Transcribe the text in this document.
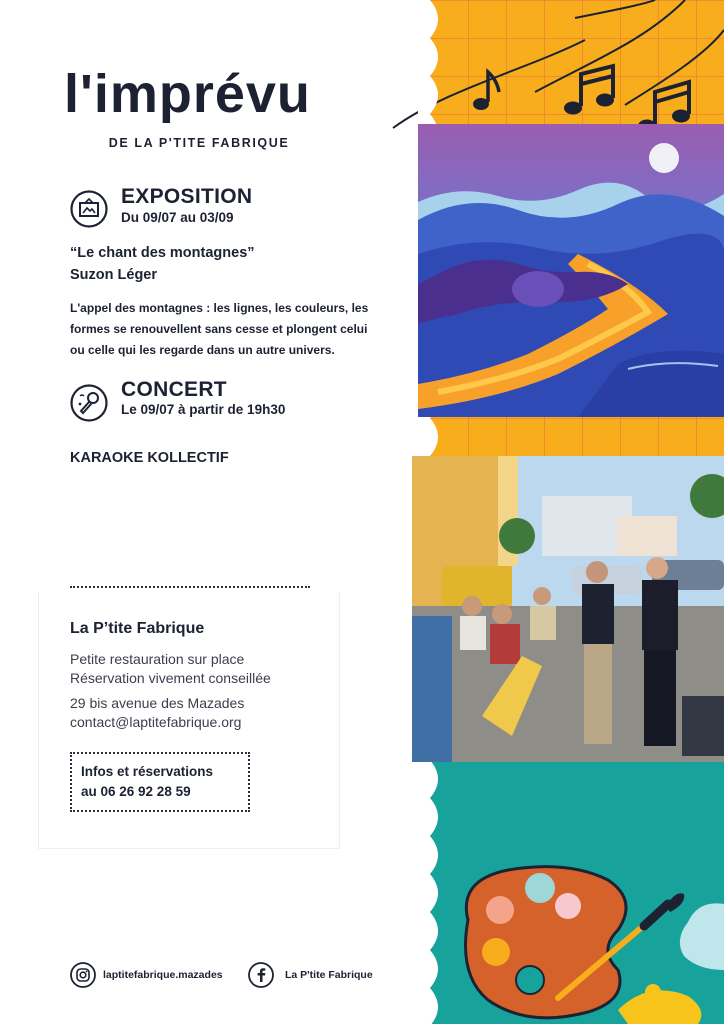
l'imprévu
DE LA P'TITE FABRIQUE
EXPOSITION
Du 09/07 au 03/09
“Le chant des montagnes”
Suzon Léger
L'appel des montagnes : les lignes, les couleurs, les
formes se renouvellent sans cesse et plongent celui
ou celle qui les regarde dans un autre univers.
CONCERT
Le 09/07 à partir de 19h30
KARAOKE KOLLECTIF
La P’tite Fabrique
Petite restauration sur place
Réservation vivement conseillée
29 bis avenue des Mazades
contact@laptitefabrique.org
Infos et réservations
au 06 26 92 28 59
laptitefabrique.mazades	La P'tite Fabrique
